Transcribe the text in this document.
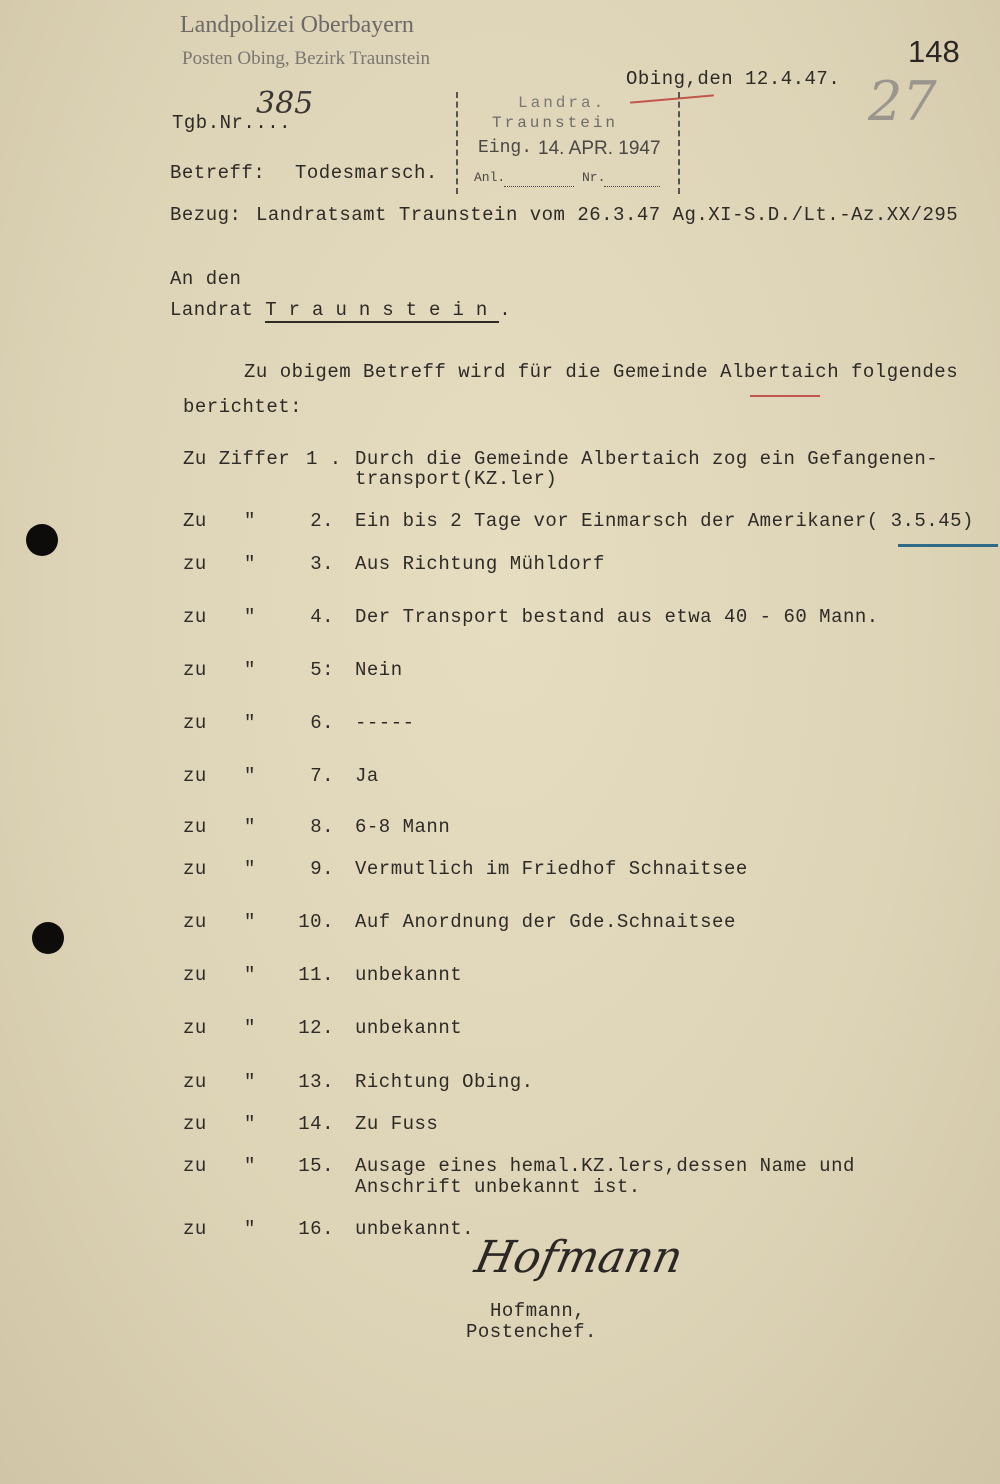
Landpolizei Oberbayern
Posten Obing, Bezirk Traunstein	148
27
Obing,den 12.4.47.
Tgb.Nr....
385	Landra.
Traunstein
Eing. 14. APR. 1947
Anl.	Nr.
Betreff: Todesmarsch.
Bezug: Landratsamt Traunstein vom 26.3.47 Ag.XI-S.D./Lt.-Az.XX/295
An den
Landrat Traunstein.
Zu obigem Betreff wird für die Gemeinde Albertaich folgendes
berichtet:
Zu Ziffer 1 . Durch die Gemeinde Albertaich zog ein Gefangenen-
transport(KZ.ler)
Zu "	2. Ein bis 2 Tage vor Einmarsch der Amerikaner( 3.5.45)
zu "	3. Aus Richtung Mühldorf
zu "	4. Der Transport bestand aus etwa 40 - 60 Mann.
zu "	5: Nein
zu "	6. -----
zu "	7. Ja
zu "	8. 6-8 Mann
zu "	9. Vermutlich im Friedhof Schnaitsee
zu "	10. Auf Anordnung der Gde.Schnaitsee
zu "	11. unbekannt
zu "	12. unbekannt
zu "	13. Richtung Obing.
zu "	14. Zu Fuss
zu "	15. Ausage eines hemal.KZ.lers,dessen Name und
Anschrift unbekannt ist.
zu "	16. unbekannt.
Hofmann
Hofmann,
Postenchef.
